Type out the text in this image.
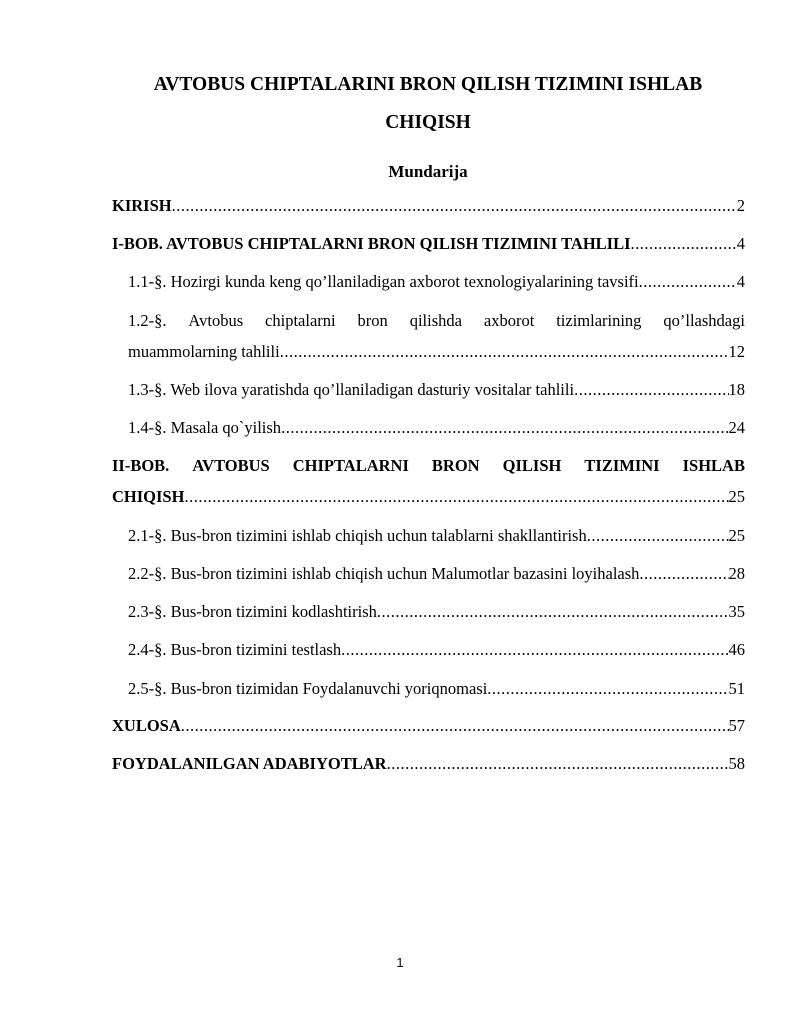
AVTOBUS CHIPTALARINI BRON QILISH TIZIMINI ISHLAB
CHIQISH
Mundarija
KIRISH .....	2
I-BOB. AVTOBUS CHIPTALARNI BRON QILISH TIZIMINI TAHLILI .....	4
1.1-§. Hozirgi kunda keng qo’llaniladigan axborot texnologiyalarining tavsifi .....	4
1.2-§. Avtobus chiptalarni bron qilishda axborot tizimlarining qo’llashdagi
muammolarning tahlili .....	12
1.3-§. Web ilova yaratishda qo’llaniladigan dasturiy vositalar tahlili .....	18
1.4-§. Masala qo`yilish .....	24
II-BOB. AVTOBUS CHIPTALARNI BRON QILISH TIZIMINI ISHLAB
CHIQISH .....	25
2.1-§. Bus-bron tizimini ishlab chiqish uchun talablarni shakllantirish .....	25
2.2-§. Bus-bron tizimini ishlab chiqish uchun Malumotlar bazasini loyihalash .....	28
2.3-§. Bus-bron tizimini kodlashtirish .....	35
2.4-§. Bus-bron tizimini testlash .....	46
2.5-§. Bus-bron tizimidan Foydalanuvchi yoriqnomasi .....	51
XULOSA .....	57
FOYDALANILGAN ADABIYOTLAR .....	58
1
